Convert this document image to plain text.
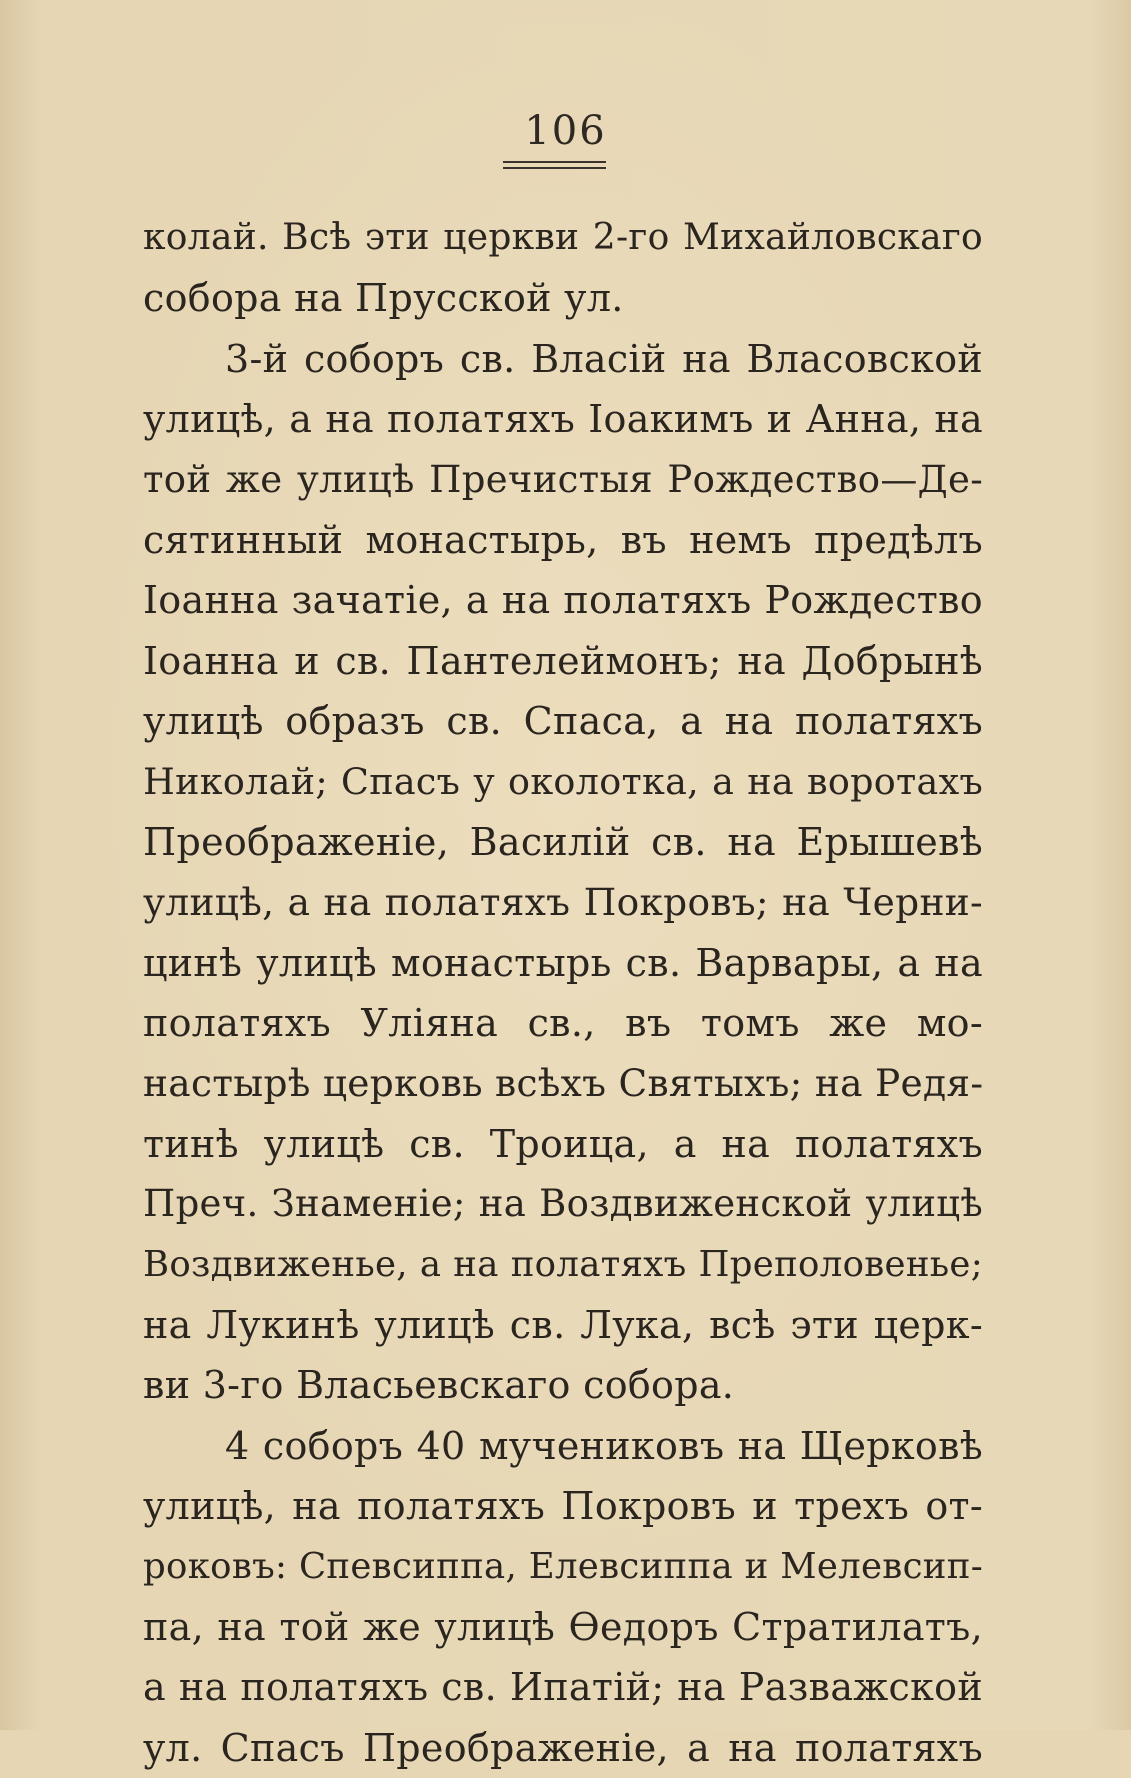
106
колай. Всѣ эти церкви 2-го Михайловскаго
собора на Прусской ул.
3-й соборъ св. Власій на Власовской
улицѣ, а на полатяхъ Іоакимъ и Анна, на
той же улицѣ Пречистыя Рождество—Де-
сятинный монастырь, въ немъ предѣлъ
Іоанна зачатіе, а на полатяхъ Рождество
Іоанна и св. Пантелеймонъ; на Добрынѣ
улицѣ образъ св. Спаса, а на полатяхъ
Николай; Спасъ у околотка, а на воротахъ
Преображеніе, Василій св. на Ерышевѣ
улицѣ, а на полатяхъ Покровъ; на Черни-
цинѣ улицѣ монастырь св. Варвары, а на
полатяхъ Уліяна св., въ томъ же мо-
настырѣ церковь всѣхъ Святыхъ; на Редя-
тинѣ улицѣ св. Троица, а на полатяхъ
Преч. Знаменіе; на Воздвиженской улицѣ
Воздвиженье, а на полатяхъ Преполовенье;
на Лукинѣ улицѣ св. Лука, всѣ эти церк-
ви 3-го Власьевскаго собора.
4 соборъ 40 мучениковъ на Щерковѣ
улицѣ, на полатяхъ Покровъ и трехъ от-
роковъ: Спевсиппа, Елевсиппа и Мелевсип-
па, на той же улицѣ Ѳедоръ Стратилатъ,
а на полатяхъ св. Ипатій; на Разважской
ул. Спасъ Преображеніе, а на полатяхъ
